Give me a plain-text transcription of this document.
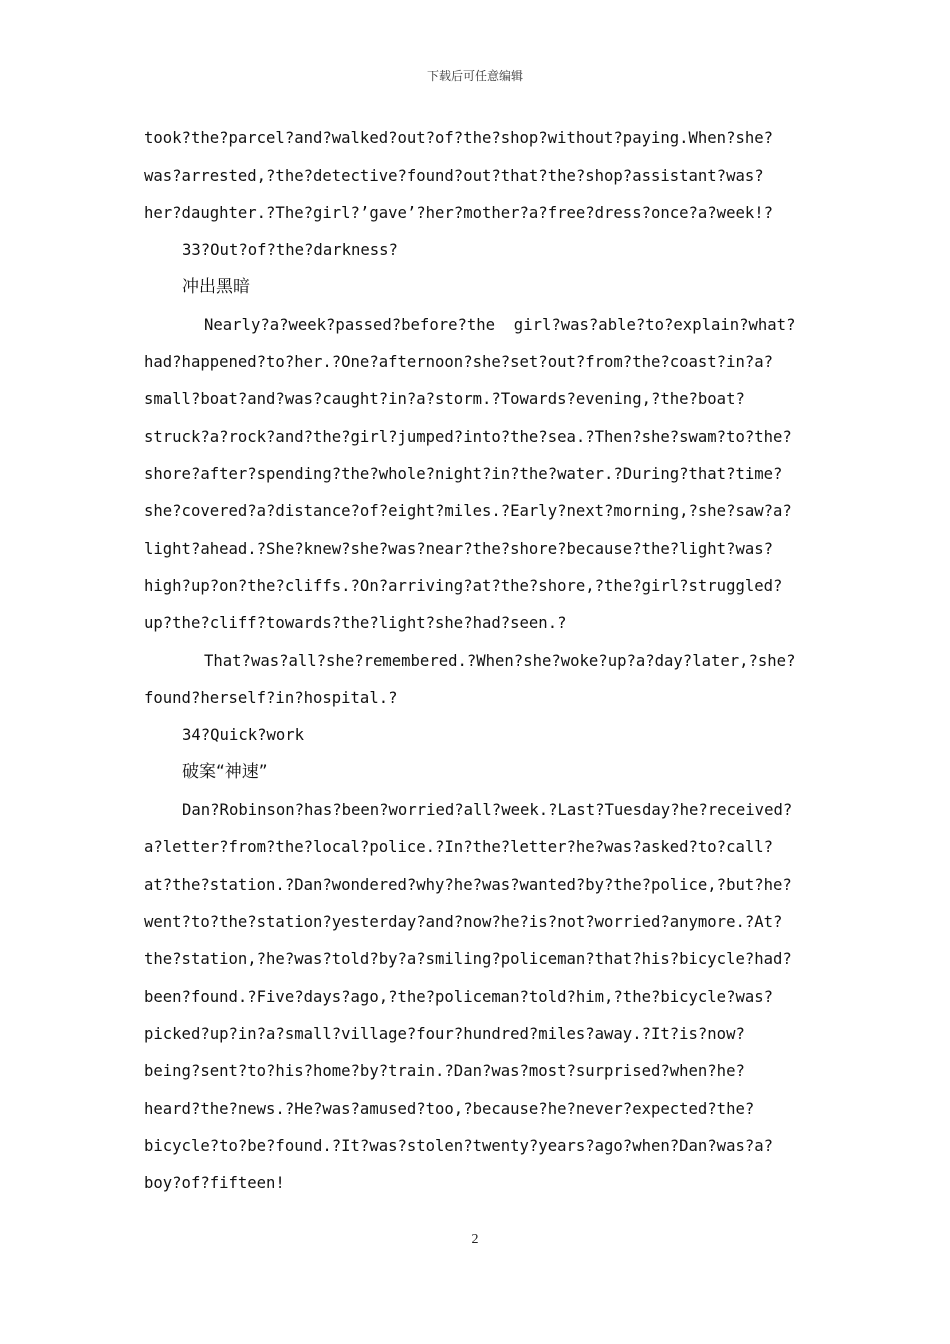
下载后可任意编辑
took?the?parcel?and?walked?out?of?the?shop?without?paying.When?she?
was?arrested,?the?detective?found?out?that?the?shop?assistant?was?
her?daughter.?The?girl?’gave’?her?mother?a?free?dress?once?a?week!?
33?Out?of?the?darkness?
冲出黑暗
Nearly?a?week?passed?before?the  girl?was?able?to?explain?what?
had?happened?to?her.?One?afternoon?she?set?out?from?the?coast?in?a?
small?boat?and?was?caught?in?a?storm.?Towards?evening,?the?boat?
struck?a?rock?and?the?girl?jumped?into?the?sea.?Then?she?swam?to?the?
shore?after?spending?the?whole?night?in?the?water.?During?that?time?
she?covered?a?distance?of?eight?miles.?Early?next?morning,?she?saw?a?
light?ahead.?She?knew?she?was?near?the?shore?because?the?light?was?
high?up?on?the?cliffs.?On?arriving?at?the?shore,?the?girl?struggled?
up?the?cliff?towards?the?light?she?had?seen.?
That?was?all?she?remembered.?When?she?woke?up?a?day?later,?she?
found?herself?in?hospital.?
34?Quick?work
破案“神速”
Dan?Robinson?has?been?worried?all?week.?Last?Tuesday?he?received?
a?letter?from?the?local?police.?In?the?letter?he?was?asked?to?call?
at?the?station.?Dan?wondered?why?he?was?wanted?by?the?police,?but?he?
went?to?the?station?yesterday?and?now?he?is?not?worried?anymore.?At?
the?station,?he?was?told?by?a?smiling?policeman?that?his?bicycle?had?
been?found.?Five?days?ago,?the?policeman?told?him,?the?bicycle?was?
picked?up?in?a?small?village?four?hundred?miles?away.?It?is?now?
being?sent?to?his?home?by?train.?Dan?was?most?surprised?when?he?
heard?the?news.?He?was?amused?too,?because?he?never?expected?the?
bicycle?to?be?found.?It?was?stolen?twenty?years?ago?when?Dan?was?a?
boy?of?fifteen!
2
